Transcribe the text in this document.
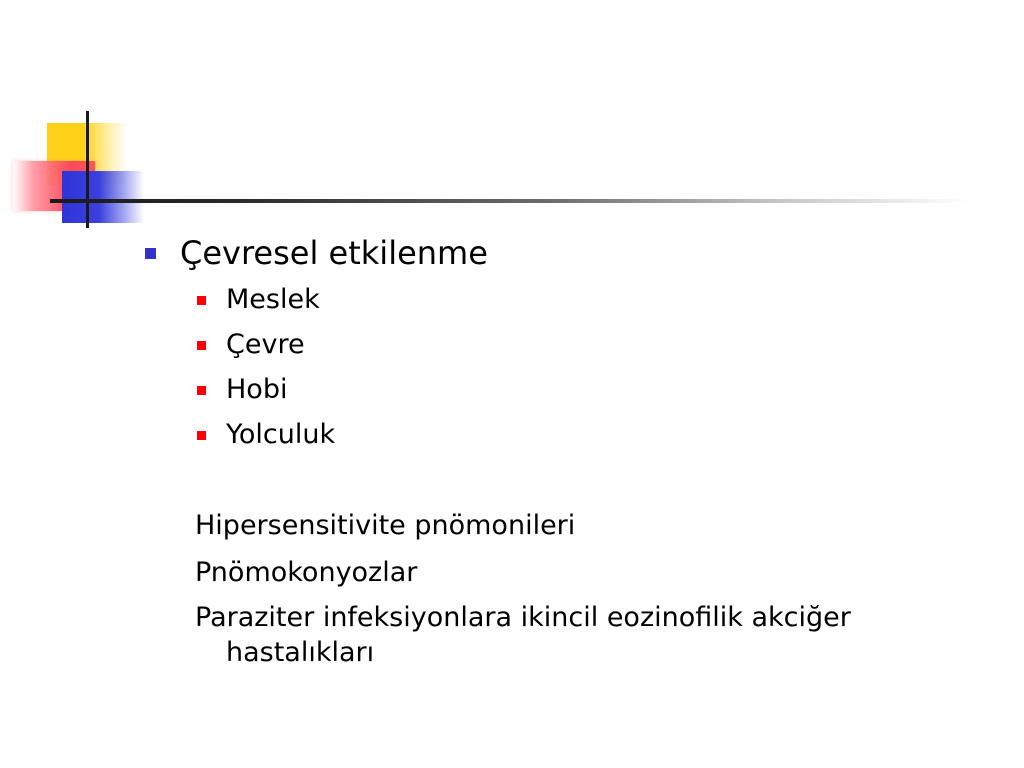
Çevresel etkilenme
Meslek
Çevre
Hobi
Yolculuk
Hipersensitivite pnömonileri
Pnömokonyozlar
Paraziter infeksiyonlara ikincil eozinofilik akciğer
hastalıkları
